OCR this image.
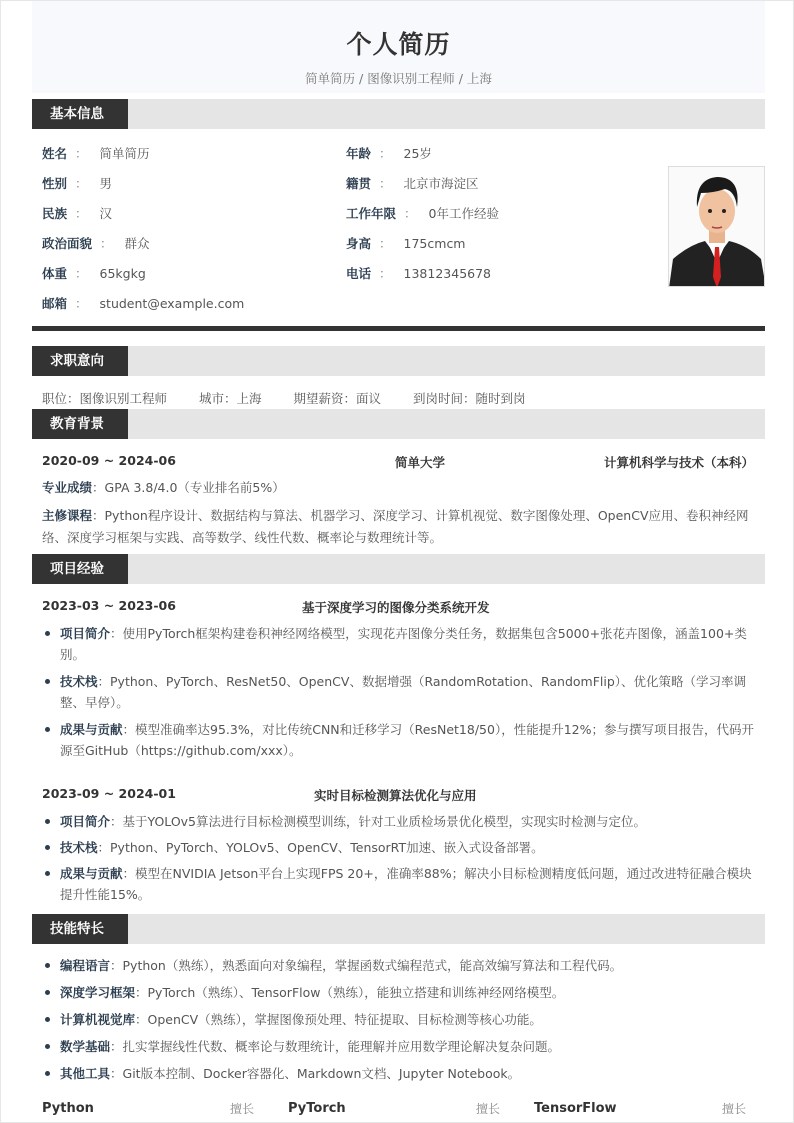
个人简历
简单简历 / 图像识别工程师 / 上海
基本信息
姓名 ： 简单简历	年龄 ： 25岁
性别 ： 男	籍贯 ： 北京市海淀区
民族 ： 汉	工作年限 ： 0年工作经验
政治面貌 ： 群众	身高 ： 175cmcm
体重 ： 65kgkg	电话 ： 13812345678
邮箱 ： student@example.com
求职意向
职位：图像识别工程师	城市：上海	期望薪资：面议	到岗时间：随时到岗
教育背景
2020-09 ~ 2024-06	简单大学	计算机科学与技术（本科）
专业成绩：GPA 3.8/4.0（专业排名前5%）
主修课程：Python程序设计、数据结构与算法、机器学习、深度学习、计算机视觉、数字图像处理、OpenCV应用、卷积神经网络、深度学习框架与实践、高等数学、线性代数、概率论与数理统计等。
项目经验
2023-03 ~ 2023-06	基于深度学习的图像分类系统开发
项目简介：使用PyTorch框架构建卷积神经网络模型，实现花卉图像分类任务，数据集包含5000+张花卉图像，涵盖100+类别。
技术栈：Python、PyTorch、ResNet50、OpenCV、数据增强（RandomRotation、RandomFlip）、优化策略（学习率调整、早停）。
成果与贡献：模型准确率达95.3%，对比传统CNN和迁移学习（ResNet18/50），性能提升12%；参与撰写项目报告，代码开源至GitHub（https://github.com/xxx）。
2023-09 ~ 2024-01	实时目标检测算法优化与应用
项目简介：基于YOLOv5算法进行目标检测模型训练，针对工业质检场景优化模型，实现实时检测与定位。
技术栈：Python、PyTorch、YOLOv5、OpenCV、TensorRT加速、嵌入式设备部署。
成果与贡献：模型在NVIDIA Jetson平台上实现FPS 20+，准确率88%；解决小目标检测精度低问题，通过改进特征融合模块提升性能15%。
技能特长
编程语言：Python（熟练），熟悉面向对象编程，掌握函数式编程范式，能高效编写算法和工程代码。
深度学习框架：PyTorch（熟练）、TensorFlow（熟练），能独立搭建和训练神经网络模型。
计算机视觉库：OpenCV（熟练），掌握图像预处理、特征提取、目标检测等核心功能。
数学基础：扎实掌握线性代数、概率论与数理统计，能理解并应用数学理论解决复杂问题。
其他工具：Git版本控制、Docker容器化、Markdown文档、Jupyter Notebook。
Python	擅长	PyTorch	擅长	TensorFlow	擅长
